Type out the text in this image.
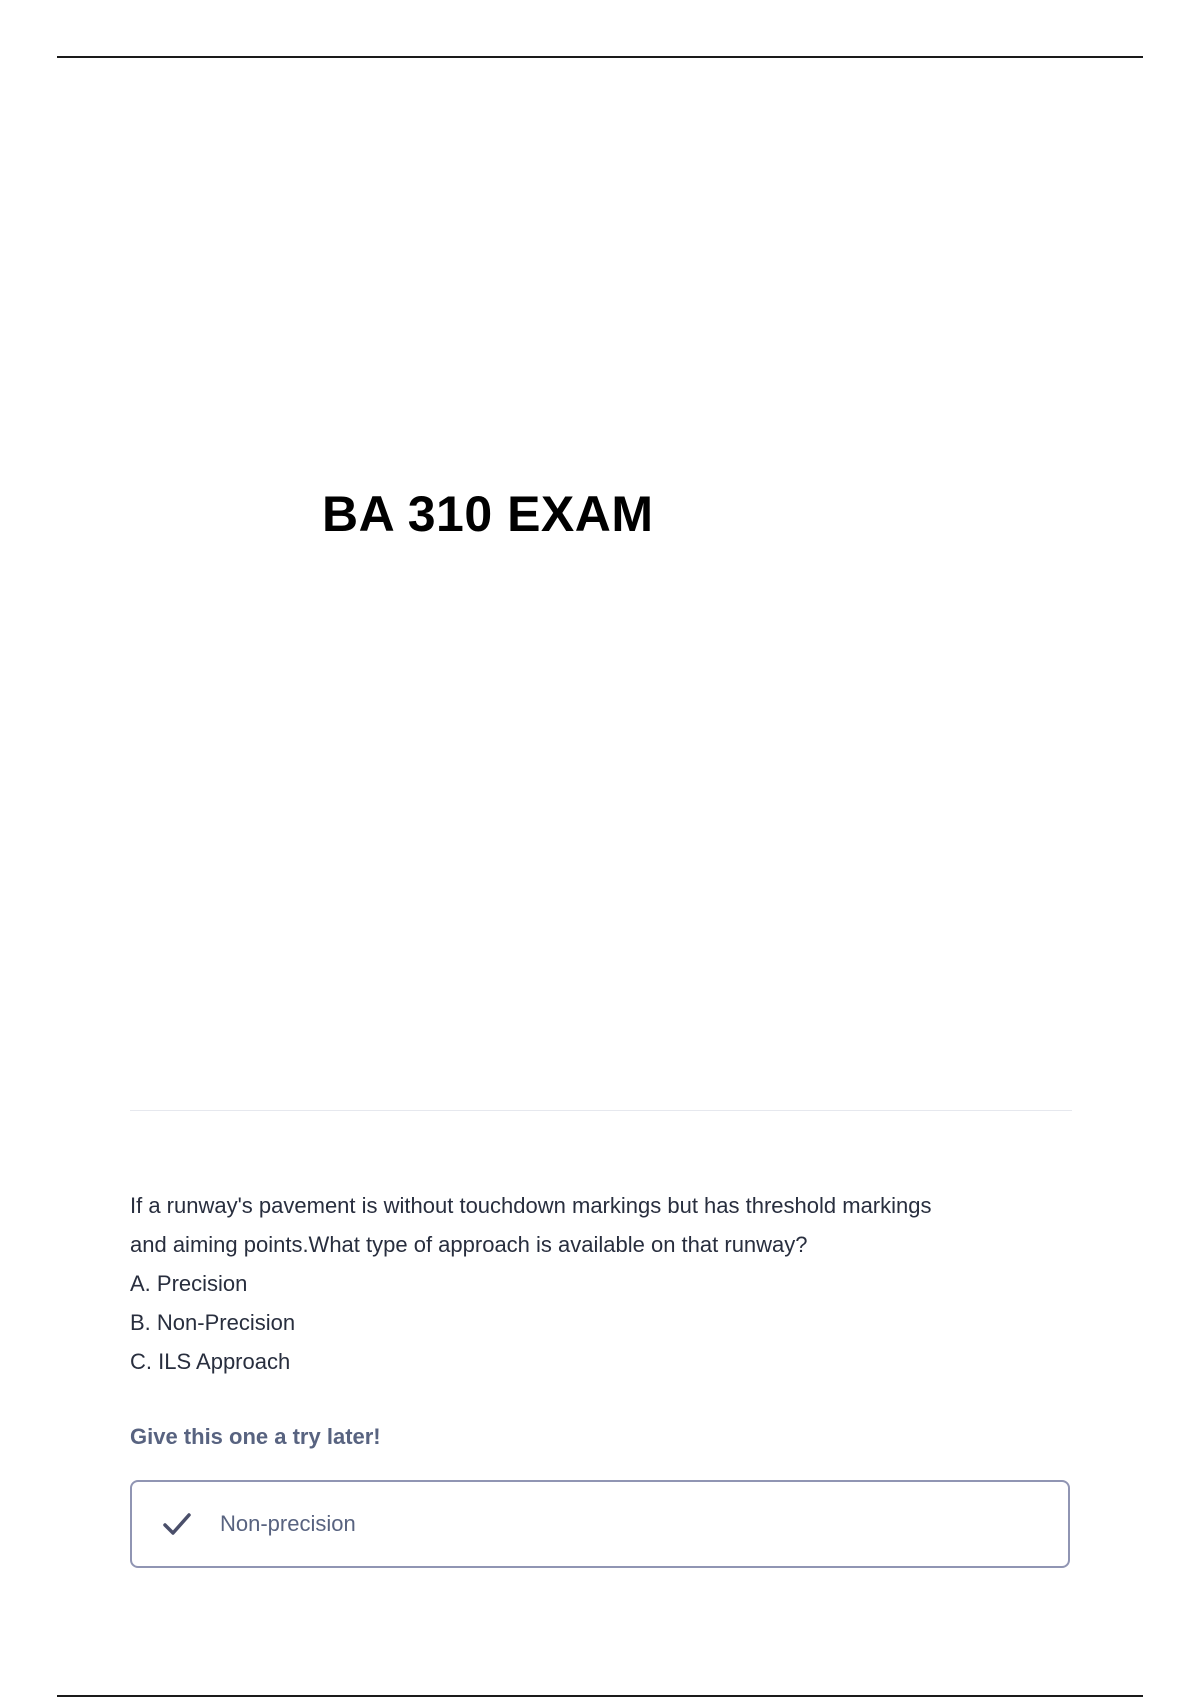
BA 310 EXAM

If a runway's pavement is without touchdown markings but has threshold markings
and aiming points.What type of approach is available on that runway?

A. Precision
B. Non-Precision
C. ILS Approach

Give this one a try later!

Non-precision
